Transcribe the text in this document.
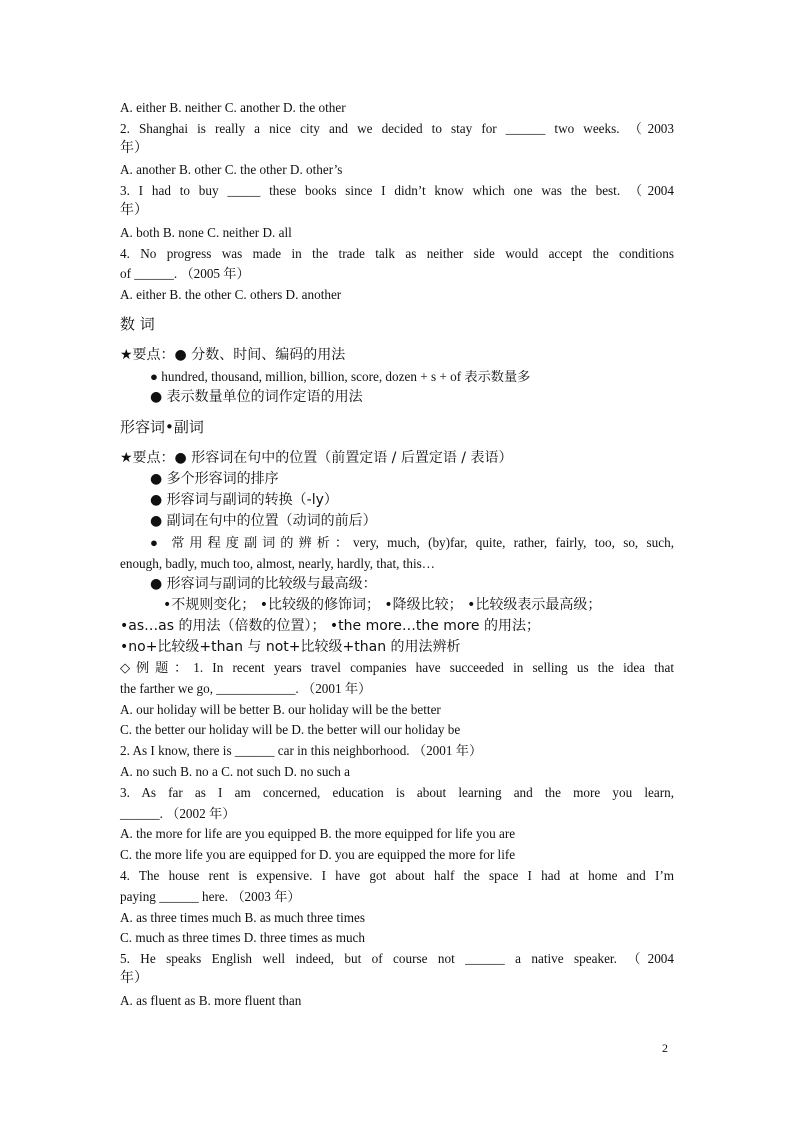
A. either B. neither C. another D. the other
2. Shanghai is really a nice city and we decided to stay for ______ two weeks. （2003
年）
A. another B. other C. the other D. other’s
3. I had to buy _____ these books since I didn’t know which one was the best. （2004
年）
A. both B. none C. neither D. all
4. No progress was made in the trade talk as neither side would accept the conditions
of ______. （2005 年）
A. either B. the other C. others D. another
数 词
★要点：● 分数、时间、编码的用法
● hundred, thousand, million, billion, score, dozen + s + of 表示数量多
● 表示数量单位的词作定语的用法
形容词•副词
★要点：● 形容词在句中的位置（前置定语 / 后置定语 / 表语）
● 多个形容词的排序
● 形容词与副词的转换（-ly）
● 副词在句中的位置（动词的前后）
● 常用程度副词的辨析：very, much, (by)far, quite, rather, fairly, too, so, such,
enough, badly, much too, almost, nearly, hardly, that, this…
● 形容词与副词的比较级与最高级：
•不规则变化； •比较级的修饰词； •降级比较； •比较级表示最高级；
•as…as 的用法（倍数的位置）； •the more…the more 的用法；
•no+比较级+than 与 not+比较级+than 的用法辨析
◇例题：1. In recent years travel companies have succeeded in selling us the idea that
the farther we go, ____________. （2001 年）
A. our holiday will be better B. our holiday will be the better
C. the better our holiday will be D. the better will our holiday be
2. As I know, there is ______ car in this neighborhood. （2001 年）
A. no such B. no a C. not such D. no such a
3. As far as I am concerned, education is about learning and the more you learn,
______. （2002 年）
A. the more for life are you equipped B. the more equipped for life you are
C. the more life you are equipped for D. you are equipped the more for life
4. The house rent is expensive. I have got about half the space I had at home and I’m
paying ______ here. （2003 年）
A. as three times much B. as much three times
C. much as three times D. three times as much
5. He speaks English well indeed, but of course not ______ a native speaker. （2004
年）
A. as fluent as B. more fluent than
2
